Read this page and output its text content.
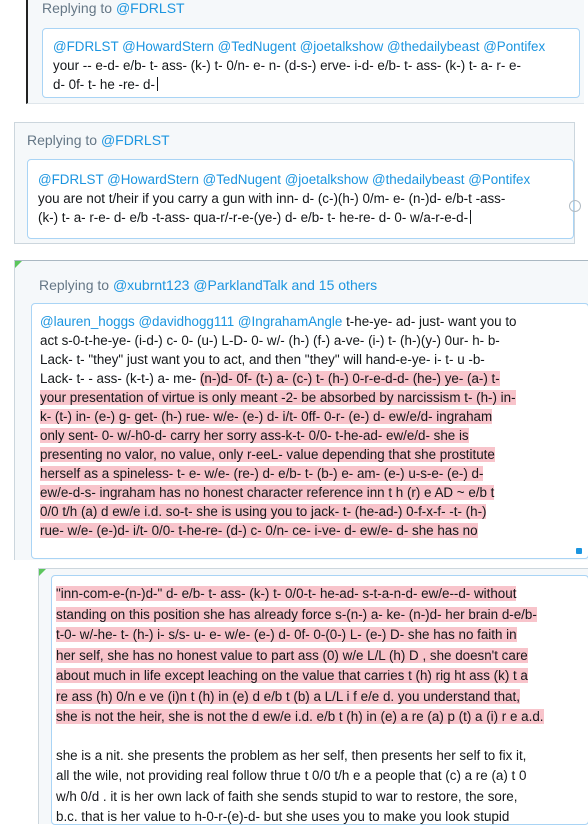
Replying to @FDRLST
@FDRLST @HowardStern @TedNugent @joetalkshow @thedailybeast @Pontifex
your -- e-d- e/b- t- ass- (k-) t- 0/n- e- n- (d-s-) erve- i-d- e/b- t- ass- (k-) t- a- r- e-
d- 0f- t- he -re- d-
Replying to @FDRLST
@FDRLST @HowardStern @TedNugent @joetalkshow @thedailybeast @Pontifex
you are not t/heir if you carry a gun with inn- d- (c-)(h-) 0/m- e- (n-)d- e/b-t -ass-
(k-) t- a- r-e- d- e/b -t-ass- qua-r/-r-e-(ye-) d- e/b- t- he-re- d- 0- w/a-r-e-d-
Replying to @xubrnt123 @ParklandTalk and 15 others
@lauren_hoggs @davidhogg111 @IngrahamAngle t-he-ye- ad- just- want you to
act s-0-t-he-ye- (i-d-) c- 0- (u-) L-D- 0- w/- (h-) (f-) a-ve- (i-) t- (h-)(y-) 0ur- h- b-
Lack- t- "they" just want you to act, and then "they" will hand-e-ye- i- t- u -b-
Lack- t- - ass- (k-t-) a- me- (n-)d- 0f- (t-) a- (c-) t- (h-) 0-r-e-d-d- (he-) ye- (a-) t-
your presentation of virtue is only meant -2- be absorbed by narcissism t- (h-) in-
k- (t-) in- (e-) g- get- (h-) rue- w/e- (e-) d- i/t- 0ff- 0-r- (e-) d- ew/e/d- ingraham
only sent- 0- w/-h0-d- carry her sorry ass-k-t- 0/0- t-he-ad- ew/e/d- she is
presenting no valor, no value, only r-eeL- value depending that she prostitute
herself as a spineless- t- e- w/e- (re-) d- e/b- t- (b-) e- am- (e-) u-s-e- (e-) d-
ew/e-d-s- ingraham has no honest character reference inn t h (r) e AD ~ e/b t
0/0 t/h (a) d ew/e i.d. so-t- she is using you to jack- t- (he-ad-) 0-f-x-f- -t- (h-)
rue- w/e- (e-)d- i/t- 0/0- t-he-re- (d-) c- 0/n- ce- i-ve- d- ew/e- d- she has no
"inn-com-e-(n-)d-" d- e/b- t- ass- (k-) t- 0/0-t- he-ad- s-t-a-n-d- ew/e--d- without
standing on this position she has already force s-(n-) a- ke- (n-)d- her brain d-e/b-
t-0- w/-he- t- (h-) i- s/s- u- e- w/e- (e-) d- 0f- 0-(0-) L- (e-) D- she has no faith in
her self, she has no honest value to part ass (0) w/e L/L (h) D , she doesn't care
about much in life except leaching on the value that carries t (h) rig ht ass (k) t a
re ass (h) 0/n e ve (i)n t (h) in (e) d e/b t (b) a L/L i f e/e d. you understand that,
she is not the heir, she is not the d ew/e i.d. e/b t (h) in (e) a re (a) p (t) a (i) r e a.d.
she is a nit. she presents the problem as her self, then presents her self to fix it,
all the wile, not providing real follow thrue t 0/0 t/h e a people that (c) a re (a) t 0
w/h 0/d . it is her own lack of faith she sends stupid to war to restore, the sore,
b.c. that is her value to h-0-r-(e)-d- but she uses you to make you look stupid
